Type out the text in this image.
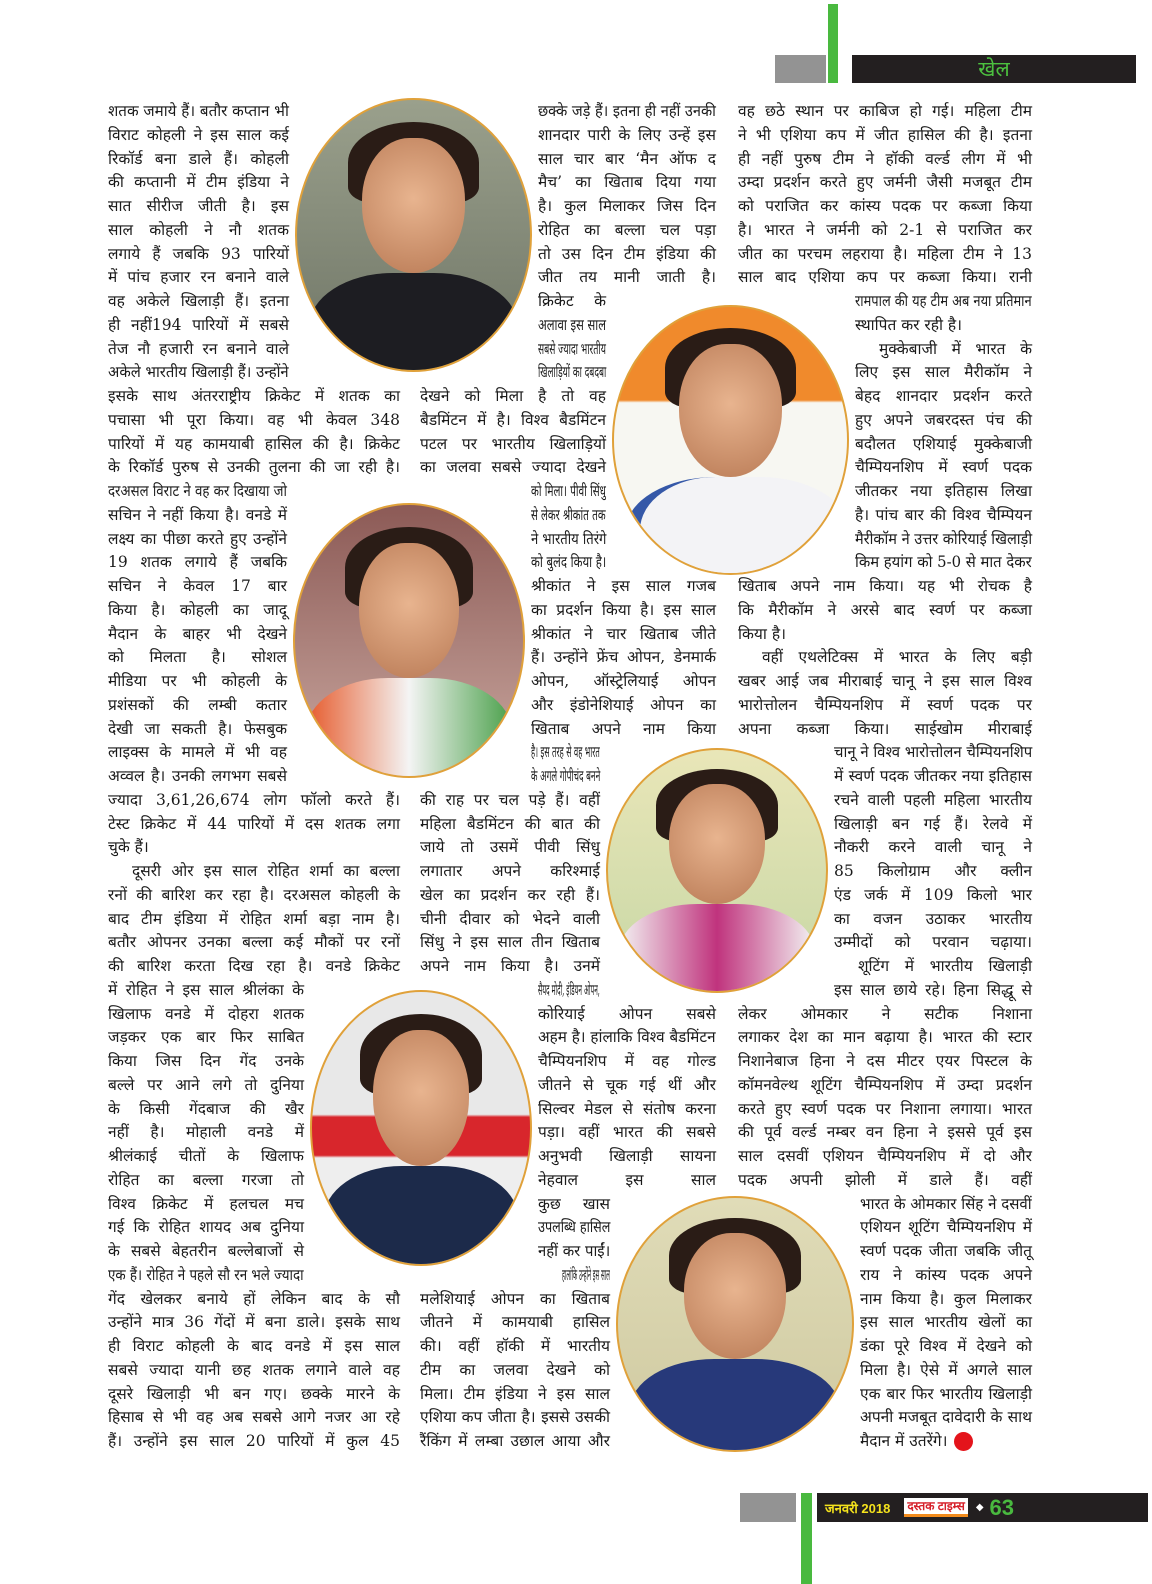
खेल
शतक जमाये हैं। बतौर कप्तान भी
विराट कोहली ने इस साल कई
रिकॉर्ड बना डाले हैं। कोहली
की कप्तानी में टीम इंडिया ने
सात सीरीज जीती है। इस
साल कोहली ने नौ शतक
लगाये हैं जबकि 93 पारियों
में पांच हजार रन बनाने वाले
वह अकेले खिलाड़ी हैं। इतना
ही नहीं194 पारियों में सबसे
तेज नौ हजारी रन बनाने वाले
अकेले भारतीय खिलाड़ी हैं। उन्होंने
इसके साथ अंतरराष्ट्रीय क्रिकेट में शतक का
पचासा भी पूरा किया। वह भी केवल 348
पारियों में यह कामयाबी हासिल की है। क्रिकेट
के रिकॉर्ड पुरुष से उनकी तुलना की जा रही है।
दरअसल विराट ने वह कर दिखाया जो
सचिन ने नहीं किया है। वनडे में
लक्ष्य का पीछा करते हुए उन्होंने
19 शतक लगाये हैं जबकि
सचिन ने केवल 17 बार
किया है। कोहली का जादू
मैदान के बाहर भी देखने
को मिलता है। सोशल
मीडिया पर भी कोहली के
प्रशंसकों की लम्बी कतार
देखी जा सकती है। फेसबुक
लाइक्स के मामले में भी वह
अव्वल है। उनकी लगभग सबसे
ज्यादा 3,61,26,674 लोग फॉलो करते हैं।
टेस्ट क्रिकेट में 44 पारियों में दस शतक लगा
चुके हैं।
दूसरी ओर इस साल रोहित शर्मा का बल्ला
रनों की बारिश कर रहा है। दरअसल कोहली के
बाद टीम इंडिया में रोहित शर्मा बड़ा नाम है।
बतौर ओपनर उनका बल्ला कई मौकों पर रनों
की बारिश करता दिख रहा है। वनडे क्रिकेट
में रोहित ने इस साल श्रीलंका के
खिलाफ वनडे में दोहरा शतक
जड़कर एक बार फिर साबित
किया जिस दिन गेंद उनके
बल्ले पर आने लगे तो दुनिया
के किसी गेंदबाज की खैर
नहीं है। मोहाली वनडे में
श्रीलंकाई चीतों के खिलाफ
रोहित का बल्ला गरजा तो
विश्व क्रिकेट में हलचल मच
गई कि रोहित शायद अब दुनिया
के सबसे बेहतरीन बल्लेबाजों से
एक हैं। रोहित ने पहले सौ रन भले ज्यादा
गेंद खेलकर बनाये हों लेकिन बाद के सौ
उन्होंने मात्र 36 गेंदों में बना डाले। इसके साथ
ही विराट कोहली के बाद वनडे में इस साल
सबसे ज्यादा यानी छह शतक लगाने वाले वह
दूसरे खिलाड़ी भी बन गए। छक्के मारने के
हिसाब से भी वह अब सबसे आगे नजर आ रहे
हैं। उन्होंने इस साल 20 पारियों में कुल 45
छक्के जड़े हैं। इतना ही नहीं उनकी
शानदार पारी के लिए उन्हें इस
साल चार बार ‘मैन ऑफ द
मैच’ का खिताब दिया गया
है। कुल मिलाकर जिस दिन
रोहित का बल्ला चल पड़ा
तो उस दिन टीम इंडिया की
जीत तय मानी जाती है।
क्रिकेट के
अलावा इस साल
सबसे ज्यादा भारतीय
खिलाड़ियों का दबदबा
देखने को मिला है तो वह
बैडमिंटन में है। विश्व बैडमिंटन
पटल पर भारतीय खिलाड़ियों
का जलवा सबसे ज्यादा देखने
को मिला। पीवी सिंधु
से लेकर श्रीकांत तक
ने भारतीय तिरंगे
को बुलंद किया है।
श्रीकांत ने इस साल गजब
का प्रदर्शन किया है। इस साल
श्रीकांत ने चार खिताब जीते
हैं। उन्होंने फ्रेंच ओपन, डेनमार्क
ओपन, ऑस्ट्रेलियाई ओपन
और इंडोनेशियाई ओपन का
खिताब अपने नाम किया
है। इस तरह से वह भारत
के अगले गोपीचंद बनने
की राह पर चल पड़े हैं। वहीं
महिला बैडमिंटन की बात की
जाये तो उसमें पीवी सिंधु
लगातार अपने करिश्माई
खेल का प्रदर्शन कर रही हैं।
चीनी दीवार को भेदने वाली
सिंधु ने इस साल तीन खिताब
अपने नाम किया है। उनमें
सैयद मोदी, इंडियन ओपन,
कोरियाई ओपन सबसे
अहम है। हांलाकि विश्व बैडमिंटन
चैम्पियनशिप में वह गोल्ड
जीतने से चूक गई थीं और
सिल्वर मेडल से संतोष करना
पड़ा। वहीं भारत की सबसे
अनुभवी खिलाड़ी सायना
नेहवाल इस साल
कुछ खास
उपलब्धि हासिल
नहीं कर पाईं।
हालांकि उन्होंने इस साल
मलेशियाई ओपन का खिताब
जीतने में कामयाबी हासिल
की। वहीं हॉकी में भारतीय
टीम का जलवा देखने को
मिला। टीम इंडिया ने इस साल
एशिया कप जीता है। इससे उसकी
रैंकिंग में लम्बा उछाल आया और
वह छठे स्थान पर काबिज हो गई। महिला टीम
ने भी एशिया कप में जीत हासिल की है। इतना
ही नहीं पुरुष टीम ने हॉकी वर्ल्ड लीग में भी
उम्दा प्रदर्शन करते हुए जर्मनी जैसी मजबूत टीम
को पराजित कर कांस्य पदक पर कब्जा किया
है। भारत ने जर्मनी को 2-1 से पराजित कर
जीत का परचम लहराया है। महिला टीम ने 13
साल बाद एशिया कप पर कब्जा किया। रानी
रामपाल की यह टीम अब नया प्रतिमान
स्थापित कर रही है।
मुक्केबाजी में भारत के
लिए इस साल मैरीकॉम ने
बेहद शानदार प्रदर्शन करते
हुए अपने जबरदस्त पंच की
बदौलत एशियाई मुक्केबाजी
चैम्पियनशिप में स्वर्ण पदक
जीतकर नया इतिहास लिखा
है। पांच बार की विश्व चैम्पियन
मैरीकॉम ने उत्तर कोरियाई खिलाड़ी
किम हयांग को 5-0 से मात देकर
खिताब अपने नाम किया। यह भी रोचक है
कि मैरीकॉम ने अरसे बाद स्वर्ण पर कब्जा
किया है।
वहीं एथलेटिक्स में भारत के लिए बड़ी
खबर आई जब मीराबाई चानू ने इस साल विश्व
भारोत्तोलन चैम्पियनशिप में स्वर्ण पदक पर
अपना कब्जा किया। साईखोम मीराबाई
चानू ने विश्व भारोत्तोलन चैम्पियनशिप
में स्वर्ण पदक जीतकर नया इतिहास
रचने वाली पहली महिला भारतीय
खिलाड़ी बन गई हैं। रेलवे में
नौकरी करने वाली चानू ने
85 किलोग्राम और क्लीन
एंड जर्क में 109 किलो भार
का वजन उठाकर भारतीय
उम्मीदों को परवान चढ़ाया।
शूटिंग में भारतीय खिलाड़ी
इस साल छाये रहे। हिना सिद्धू से
लेकर ओमकार ने सटीक निशाना
लगाकर देश का मान बढ़ाया है। भारत की स्टार
निशानेबाज हिना ने दस मीटर एयर पिस्टल के
कॉमनवेल्थ शूटिंग चैम्पियनशिप में उम्दा प्रदर्शन
करते हुए स्वर्ण पदक पर निशाना लगाया। भारत
की पूर्व वर्ल्ड नम्बर वन हिना ने इससे पूर्व इस
साल दसवीं एशियन चैम्पियनशिप में दो और
पदक अपनी झोली में डाले हैं। वहीं
भारत के ओमकार सिंह ने दसवीं
एशियन शूटिंग चैम्पियनशिप में
स्वर्ण पदक जीता जबकि जीतू
राय ने कांस्य पदक अपने
नाम किया है। कुल मिलाकर
इस साल भारतीय खेलों का
डंका पूरे विश्व में देखने को
मिला है। ऐसे में अगले साल
एक बार फिर भारतीय खिलाड़ी
अपनी मजबूत दावेदारी के साथ
मैदान में उतरेंगे।
जनवरी 2018 दस्तक टाइम्स	◆ 63
